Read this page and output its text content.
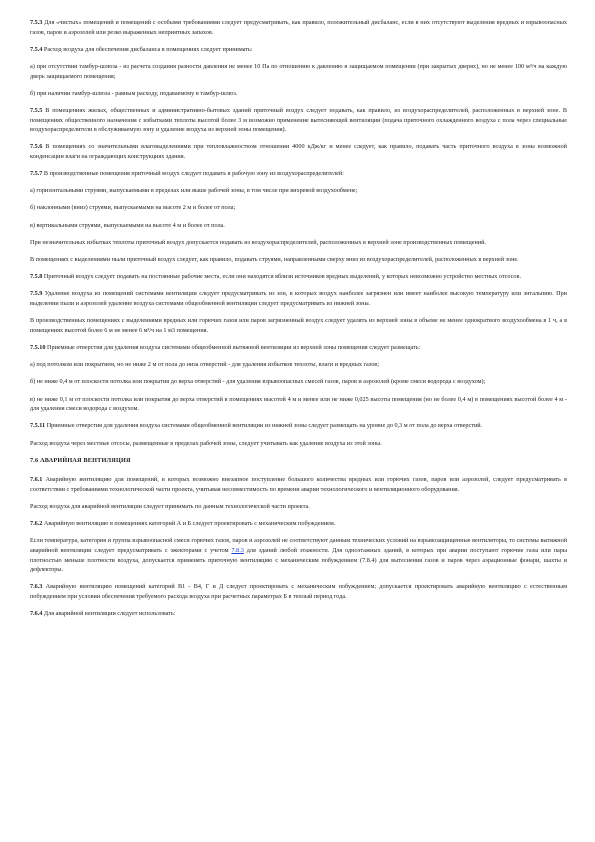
7.5.3 Для «чистых» помещений и помещений с особыми требованиями следует предусматривать, как правило, положительный дисбаланс, если в них отсутствуют выделения вредных и взрывоопасных газов, паров и аэрозолей или резко выраженных неприятных запахов.

7.5.4 Расход воздуха для обеспечения дисбаланса в помещениях следует принимать:

а) при отсутствии тамбур-шлюза - из расчета создания разности давления не менее 10 Па по отношению к давлению в защищаемом помещении (при закрытых дверях), но не менее 100 м³/ч на каждую дверь защищаемого помещения;

б) при наличии тамбур-шлюза - равным расходу, подаваемому в тамбур-шлюз.

7.5.5 В помещениях жилых, общественных и административно-бытовых зданий приточный воздух следует подавать, как правило, из воздухораспределителей, расположенных в верхней зоне. В помещениях общественного назначения с избытками теплоты высотой более 3 м возможно применение вытесняющей вентиляции (подача приточного охлажденного воздуха с пола через специальные воздухораспределители в обслуживаемую зону и удаление воздуха из верхней зоны помещения).

7.5.6 В помещениях со значительными влаговыделениями при тепловлажностном отношении 4000 кДж/кг и менее следует, как правило, подавать часть приточного воздуха в зоны возможной конденсации влаги на ограждающих конструкциях здания.

7.5.7 В производственные помещения приточный воздух следует подавать в рабочую зону из воздухораспределителей:

а) горизонтальными струями, выпускаемыми в пределах или выше рабочей зоны, в том числе при вихревой воздухообмене;

б) наклонными (вниз) струями, выпускаемыми на высоте 2 м и более от пола;

в) вертикальными струями, выпускаемыми на высоте 4 м и более от пола.

При незначительных избытках теплоты приточный воздух допускается подавать из воздухораспределителей, расположенных в верхней зоне производственных помещений.

В помещениях с выделениями пыли приточный воздух следует, как правило, подавать струями, направленными сверху вниз из воздухораспределителей, расположенных в верхней зоне.

7.5.8 Приточный воздух следует подавать на постоянные рабочие места, если они находятся вблизи источников вредных выделений, у которых невозможно устройство местных отсосов.

7.5.9 Удаление воздуха из помещений системами вентиляции следует предусматривать из зон, в которых воздух наиболее загрязнен или имеет наиболее высокую температуру или энтальпию. При выделении пыли и аэрозолей удаление воздуха системами общеобменной вентиляции следует предусматривать из нижней зоны.

В производственных помещениях с выделениями вредных или горючих газов или паров загрязненный воздух следует удалять из верхней зоны в объеме не менее однократного воздухообмена в 1 ч, а в помещениях высотой более 6 м не менее 6 м³/ч на 1 м3 помещения.

7.5.10 Приемные отверстия для удаления воздуха системами общеобменной вытяжной вентиляции из верхней зоны помещения следует размещать:

а) под потолком или покрытием, но не ниже 2 м от пола до низа отверстий - для удаления избытков теплоты, влаги и вредных газов;

б) не ниже 0,4 м от плоскости потолка или покрытия до верха отверстий - для удаления взрывоопасных смесей газов, паров и аэрозолей (кроме смеси водорода с воздухом);

в) не ниже 0,1 м от плоскости потолка или покрытия до верха отверстий в помещениях высотой 4 м и менее или не ниже 0,025 высоты помещения (но не более 0,4 м) в помещениях высотой более 4 м - для удаления смеси водорода с воздухом.

7.5.11 Приемные отверстия для удаления воздуха системами общеобменной вентиляции из нижней зоны следует размещать на уровне до 0,3 м от пола до верха отверстий.

Расход воздуха через местные отсосы, размещенные в пределах рабочей зоны, следует учитывать как удаление воздуха из этой зоны.

7.6 АВАРИЙНАЯ ВЕНТИЛЯЦИЯ

7.6.1 Аварийную вентиляцию для помещений, в которых возможно внезапное поступление большого количества вредных или горючих газов, паров или аэрозолей, следует предусматривать в соответствии с требованиями технологической части проекта, учитывая несовместимость по времени аварии технологического и вентиляционного оборудования.

Расход воздуха для аварийной вентиляции следует принимать по данным технологической части проекта.

7.6.2 Аварийную вентиляцию в помещениях категорий А и Б следует проектировать с механическим побуждением.

Если температура, категория и группа взрывоопасной смеси горючих газов, паров и аэрозолей не соответствуют данным технических условий на взрывозащищенные вентиляторы, то системы вытяжной аварийной вентиляции следует предусматривать с эжекторами с учетом 7.8.3 для зданий любой этажности. Для одноэтажных зданий, в которых при аварии поступают горючие газы или пары плотностью меньше плотности воздуха, допускается применять приточную вентиляцию с механическим побуждением (7.8.4) для вытеснения газов и паров через аэрационные фонари, шахты и дефлекторы.

7.6.3 Аварийную вентиляцию помещений категорий В1 - В4, Г и Д следует проектировать с механическим побуждением; допускается проектировать аварийную вентиляцию с естественным побуждением при условии обеспечения требуемого расхода воздуха при расчетных параметрах Б в теплый период года.

7.6.4 Для аварийной вентиляции следует использовать:
